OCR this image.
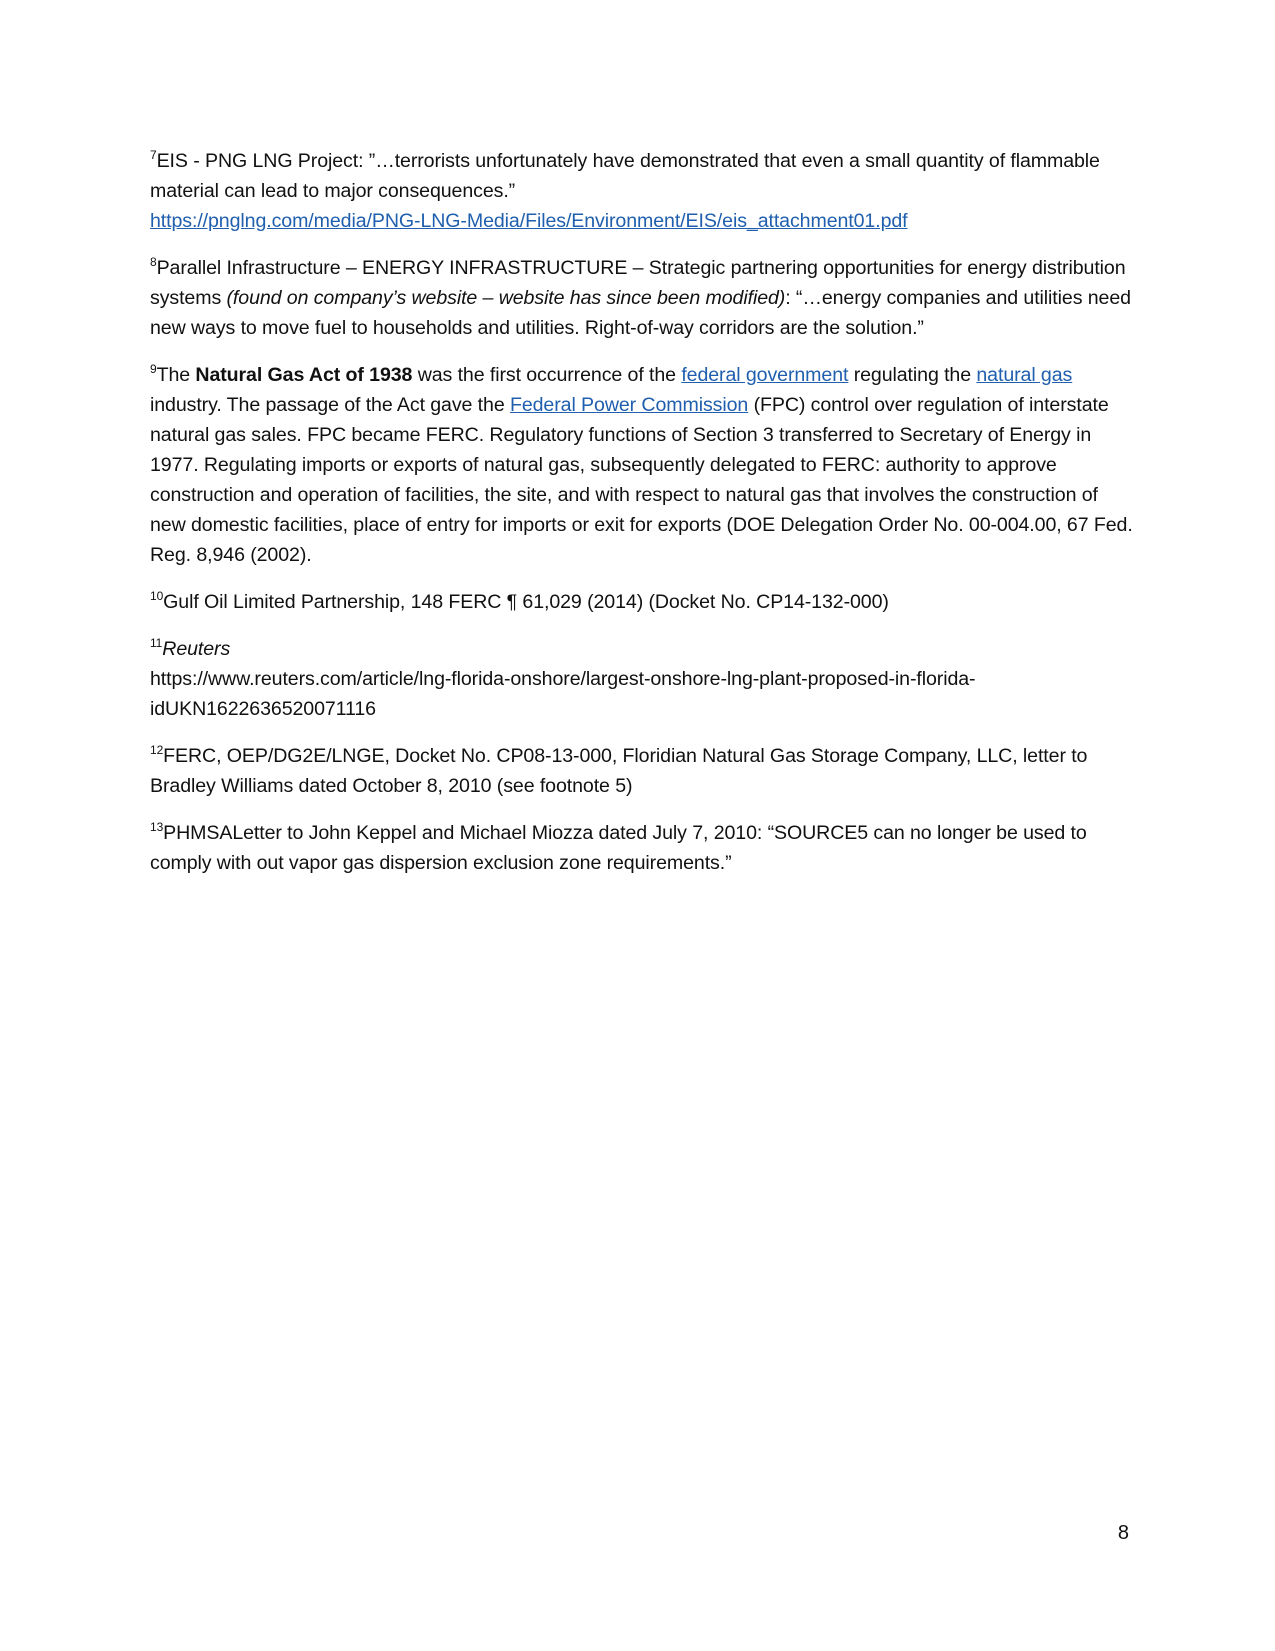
$^7$EIS - PNG LNG Project: ”…terrorists unfortunately have demonstrated that even a small quantity of flammable material can lead to major consequences.”
https://pnglng.com/media/PNG-LNG-Media/Files/Environment/EIS/eis_attachment01.pdf

$^8$Parallel Infrastructure – ENERGY INFRASTRUCTURE – Strategic partnering opportunities for energy distribution systems (found on company’s website – website has since been modified): “…energy companies and utilities need new ways to move fuel to households and utilities. Right-of-way corridors are the solution.”

$^9$The Natural Gas Act of 1938 was the first occurrence of the federal government regulating the natural gas industry. The passage of the Act gave the Federal Power Commission (FPC) control over regulation of interstate natural gas sales. FPC became FERC. Regulatory functions of Section 3 transferred to Secretary of Energy in 1977. Regulating imports or exports of natural gas, subsequently delegated to FERC: authority to approve construction and operation of facilities, the site, and with respect to natural gas that involves the construction of new domestic facilities, place of entry for imports or exit for exports (DOE Delegation Order No. 00-004.00, 67 Fed. Reg. 8,946 (2002).

$^{10}$Gulf Oil Limited Partnership, 148 FERC ¶ 61,029 (2014) (Docket No. CP14-132-000)

$^{11}$Reuters
https://www.reuters.com/article/lng-florida-onshore/largest-onshore-lng-plant-proposed-in-florida-idUKN1622636520071116

$^{12}$FERC, OEP/DG2E/LNGE, Docket No. CP08-13-000, Floridian Natural Gas Storage Company, LLC, letter to Bradley Williams dated October 8, 2010 (see footnote 5)

$^{13}$PHMSALetter to John Keppel and Michael Miozza dated July 7, 2010: “SOURCE5 can no longer be used to comply with out vapor gas dispersion exclusion zone requirements.”

8
